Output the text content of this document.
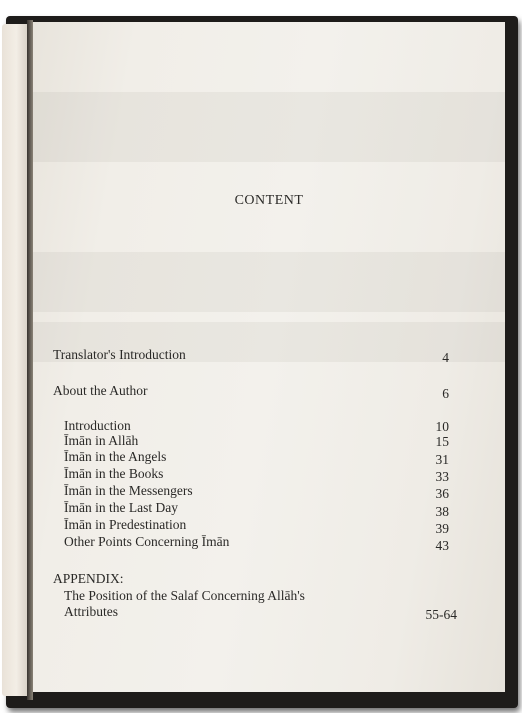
CONTENT
Translator's Introduction	4
About the Author	6
Introduction	10
Īmān in Allāh	15
Īmān in the Angels	31
Īmān in the Books	33
Īmān in the Messengers	36
Īmān in the Last Day	38
Īmān in Predestination	39
Other Points Concerning Īmān	43
APPENDIX:
The Position of the Salaf Concerning Allāh's
Attributes	55-64
